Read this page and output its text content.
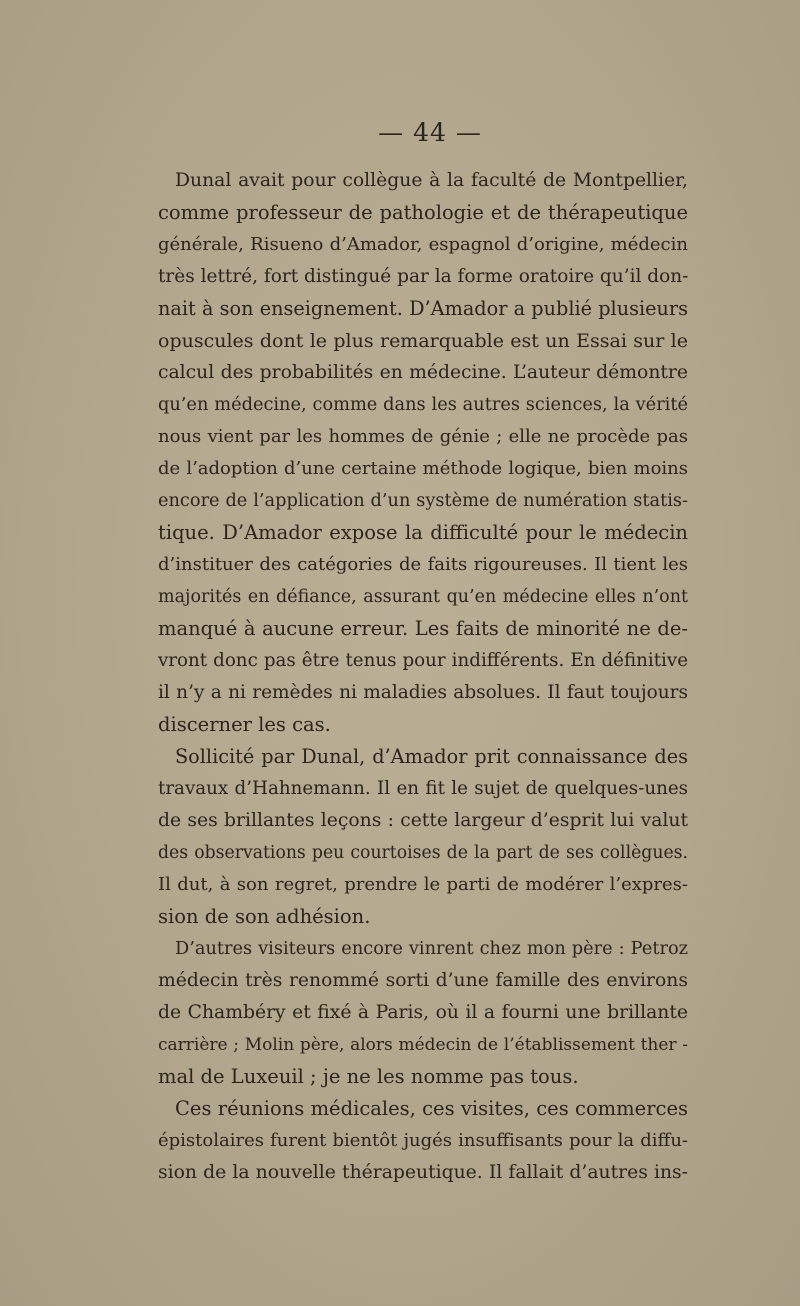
— 44 —
Dunal avait pour collègue à la faculté de Montpellier,
comme professeur de pathologie et de thérapeutique
générale, Risueno d’Amador, espagnol d’origine, médecin
très lettré, fort distingué par la forme oratoire qu’il don-
nait à son enseignement. D’Amador a publié plusieurs
opuscules dont le plus remarquable est un Essai sur le
calcul des probabilités en médecine. L’auteur démontre
qu’en médecine, comme dans les autres sciences, la vérité
nous vient par les hommes de génie ; elle ne procède pas
de l’adoption d’une certaine méthode logique, bien moins
encore de l’application d’un système de numération statis-
tique. D’Amador expose la difficulté pour le médecin
d’instituer des catégories de faits rigoureuses. Il tient les
majorités en défiance, assurant qu’en médecine elles n’ont
manqué à aucune erreur. Les faits de minorité ne de-
vront donc pas être tenus pour indifférents. En définitive
il n’y a ni remèdes ni maladies absolues. Il faut toujours
discerner les cas.
Sollicité par Dunal, d’Amador prit connaissance des
travaux d’Hahnemann. Il en fit le sujet de quelques-unes
de ses brillantes leçons : cette largeur d’esprit lui valut
des observations peu courtoises de la part de ses collègues.
Il dut, à son regret, prendre le parti de modérer l’expres-
sion de son adhésion.
D’autres visiteurs encore vinrent chez mon père : Petroz
médecin très renommé sorti d’une famille des environs
de Chambéry et fixé à Paris, où il a fourni une brillante
carrière ; Molin père, alors médecin de l’établissement ther -
mal de Luxeuil ; je ne les nomme pas tous.
Ces réunions médicales, ces visites, ces commerces
épistolaires furent bientôt jugés insuffisants pour la diffu-
sion de la nouvelle thérapeutique. Il fallait d’autres ins-
